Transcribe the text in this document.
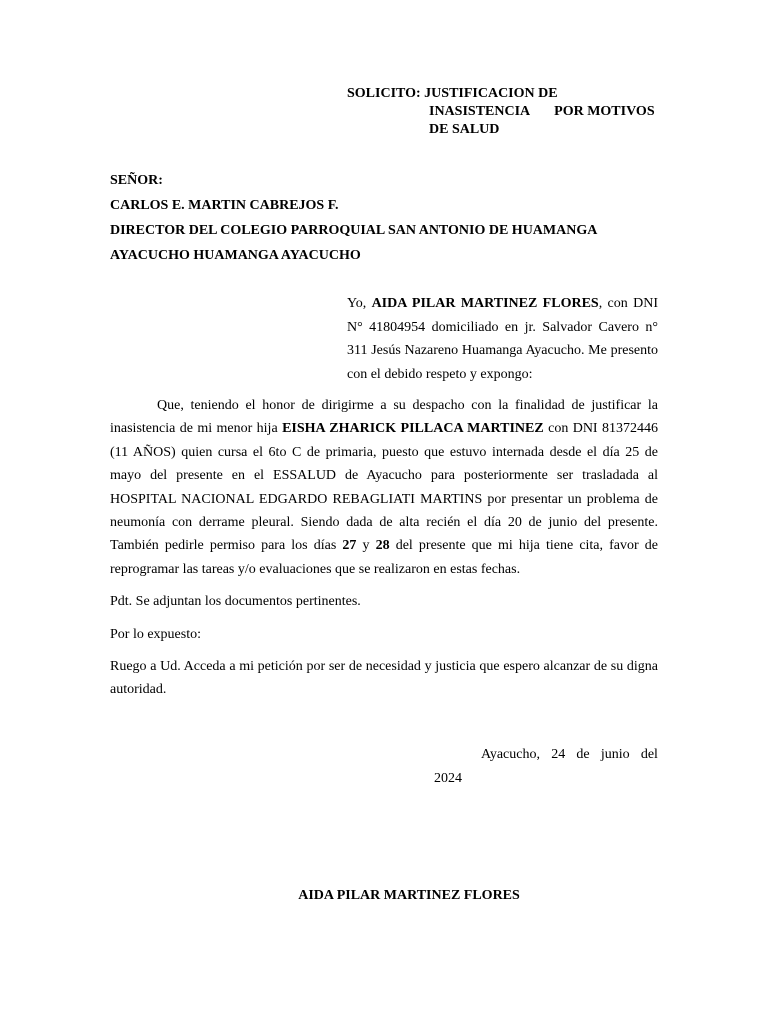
SOLICITO: JUSTIFICACION DE
INASISTENCIA POR MOTIVOS
DE SALUD
SEÑOR:
CARLOS E. MARTIN CABREJOS F.
DIRECTOR DEL COLEGIO PARROQUIAL SAN ANTONIO DE HUAMANGA
AYACUCHO HUAMANGA AYACUCHO

Yo, AIDA PILAR MARTINEZ FLORES, con DNI N° 41804954 domiciliado en jr. Salvador Cavero n° 311 Jesús Nazareno Huamanga Ayacucho. Me presento con el debido respeto y expongo:

Que, teniendo el honor de dirigirme a su despacho con la finalidad de justificar la inasistencia de mi menor hija EISHA ZHARICK PILLACA MARTINEZ con DNI 81372446 (11 AÑOS) quien cursa el 6to C de primaria, puesto que estuvo internada desde el día 25 de mayo del presente en el ESSALUD de Ayacucho para posteriormente ser trasladada al HOSPITAL NACIONAL EDGARDO REBAGLIATI MARTINS por presentar un problema de neumonía con derrame pleural. Siendo dada de alta recién el día 20 de junio del presente. También pedirle permiso para los días 27 y 28 del presente que mi hija tiene cita, favor de reprogramar las tareas y/o evaluaciones que se realizaron en estas fechas.

Pdt. Se adjuntan los documentos pertinentes.

Por lo expuesto:

Ruego a Ud. Acceda a mi petición por ser de necesidad y justicia que espero alcanzar de su digna autoridad.

Ayacucho, 24 de junio del
2024
AIDA PILAR MARTINEZ FLORES
